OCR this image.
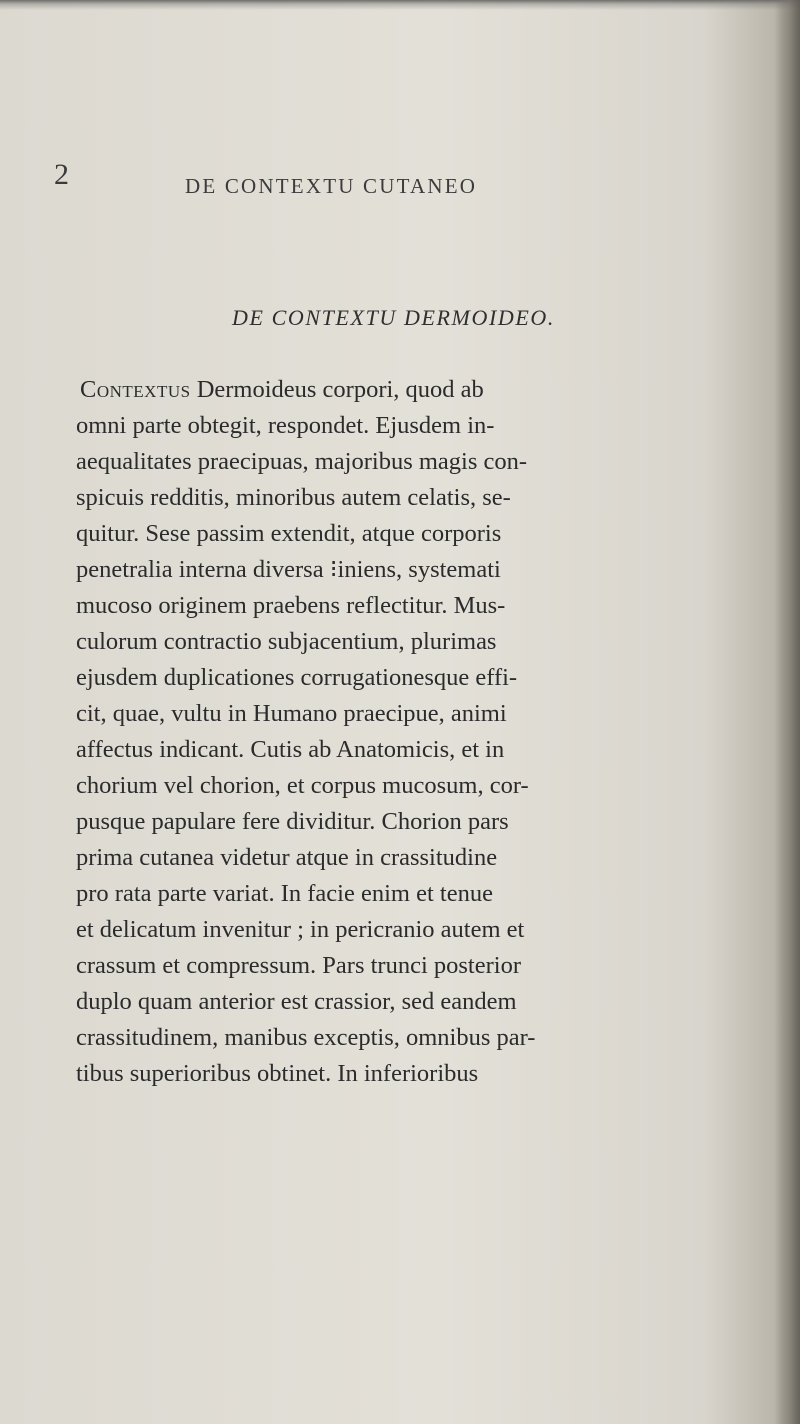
2	DE CONTEXTU CUTANEO
DE CONTEXTU DERMOIDEO.
Contextus Dermoideus corpori, quod ab
omni parte obtegit, respondet. Ejusdem in-
aequalitates praecipuas, majoribus magis con-
spicuis redditis, minoribus autem celatis, se-
quitur. Sese passim extendit, atque corporis
penetralia interna diversa ⁝iniens, systemati
mucoso originem praebens reflectitur. Mus-
culorum contractio subjacentium, plurimas
ejusdem duplicationes corrugationesque effi-
cit, quae, vultu in Humano praecipue, animi
affectus indicant. Cutis ab Anatomicis, et in
chorium vel chorion, et corpus mucosum, cor-
pusque papulare fere dividitur. Chorion pars
prima cutanea videtur atque in crassitudine
pro rata parte variat. In facie enim et tenue
et delicatum invenitur ; in pericranio autem et
crassum et compressum. Pars trunci posterior
duplo quam anterior est crassior, sed eandem
crassitudinem, manibus exceptis, omnibus par-
tibus superioribus obtinet. In inferioribus
